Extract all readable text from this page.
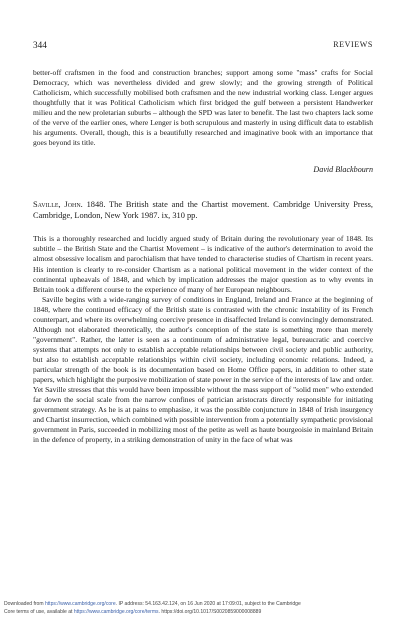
344	REVIEWS

better-off craftsmen in the food and construction branches; support among some "mass" crafts for Social Democracy, which was nevertheless divided and grew slowly; and the growing strength of Political Catholicism, which successfully mobilised both craftsmen and the new industrial working class. Lenger argues thoughtfully that it was Political Catholicism which first bridged the gulf between a persistent Handwerker milieu and the new proletarian suburbs – although the SPD was later to benefit. The last two chapters lack some of the verve of the earlier ones, where Lenger is both scrupulous and masterly in using difficult data to establish his arguments. Overall, though, this is a beautifully researched and imaginative book with an importance that goes beyond its title.

David Blackbourn

Saville, John. 1848. The British state and the Chartist movement. Cambridge University Press, Cambridge, London, New York 1987. ix, 310 pp.

This is a thoroughly researched and lucidly argued study of Britain during the revolutionary year of 1848. Its subtitle – the British State and the Chartist Movement – is indicative of the author's determination to avoid the almost obsessive localism and parochialism that have tended to characterise studies of Chartism in recent years. His intention is clearly to re-consider Chartism as a national political movement in the wider context of the continental upheavals of 1848, and which by implication addresses the major question as to why events in Britain took a different course to the experience of many of her European neighbours.

Saville begins with a wide-ranging survey of conditions in England, Ireland and France at the beginning of 1848, where the continued efficacy of the British state is contrasted with the chronic instability of its French counterpart, and where its overwhelming coercive presence in disaffected Ireland is convincingly demonstrated. Although not elaborated theoretically, the author's conception of the state is something more than merely "government". Rather, the latter is seen as a continuum of administrative legal, bureaucratic and coercive systems that attempts not only to establish acceptable relationships between civil society and public authority, but also to establish acceptable relationships within civil society, including economic relations. Indeed, a particular strength of the book is its documentation based on Home Office papers, in addition to other state papers, which highlight the purposive mobilization of state power in the service of the interests of law and order. Yet Saville stresses that this would have been impossible without the mass support of "solid men" who extended far down the social scale from the narrow confines of patrician aristocrats directly responsible for initiating government strategy. As he is at pains to emphasise, it was the possible conjuncture in 1848 of Irish insurgency and Chartist insurrection, which combined with possible intervention from a potentially sympathetic provisional government in Paris, succeeded in mobilizing most of the petite as well as haute bourgeoisie in mainland Britain in the defence of property, in a striking demonstration of unity in the face of what was

Downloaded from https://www.cambridge.org/core. IP address: 54.163.42.124, on 16 Jun 2020 at 17:09:01, subject to the Cambridge
Core terms of use, available at https://www.cambridge.org/core/terms. https://doi.org/10.1017/S0020859000008889
